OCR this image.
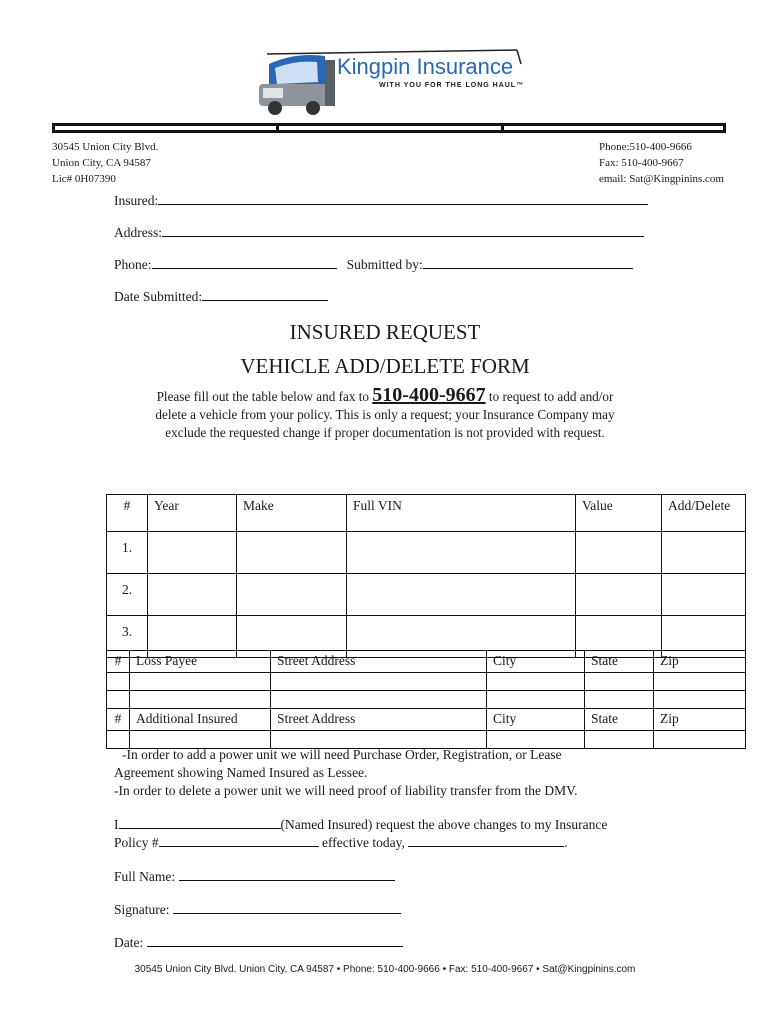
Kingpin Insurance
WITH YOU FOR THE LONG HAUL™
30545 Union City Blvd.
Union City, CA 94587
Lic# 0H07390
Phone:510-400-9666
Fax: 510-400-9667
email: Sat@Kingpinins.com
Insured:
Address:
Phone:	Submitted by:
Date Submitted:
INSURED REQUEST
VEHICLE ADD/DELETE FORM
Please fill out the table below and fax to 510-400-9667 to request to add and/or
delete a vehicle from your policy. This is only a request; your Insurance Company may
exclude the requested change if proper documentation is not provided with request.
#	Year	Make	Full VIN	Value	Add/Delete
1.					
2.					
3.					
#	Loss Payee	Street Address	City	State	Zip

#	Additional Insured	Street Address	City	State	Zip

-In order to add a power unit we will need Purchase Order, Registration, or Lease
Agreement showing Named Insured as Lessee.
-In order to delete a power unit we will need proof of liability transfer from the DMV.
I	(Named Insured) request the above changes to my Insurance
Policy #	effective today,	.
Full Name:
Signature:
Date:
30545 Union City Blvd. Union City, CA 94587 • Phone: 510-400-9666 • Fax: 510-400-9667 • Sat@Kingpinins.com
